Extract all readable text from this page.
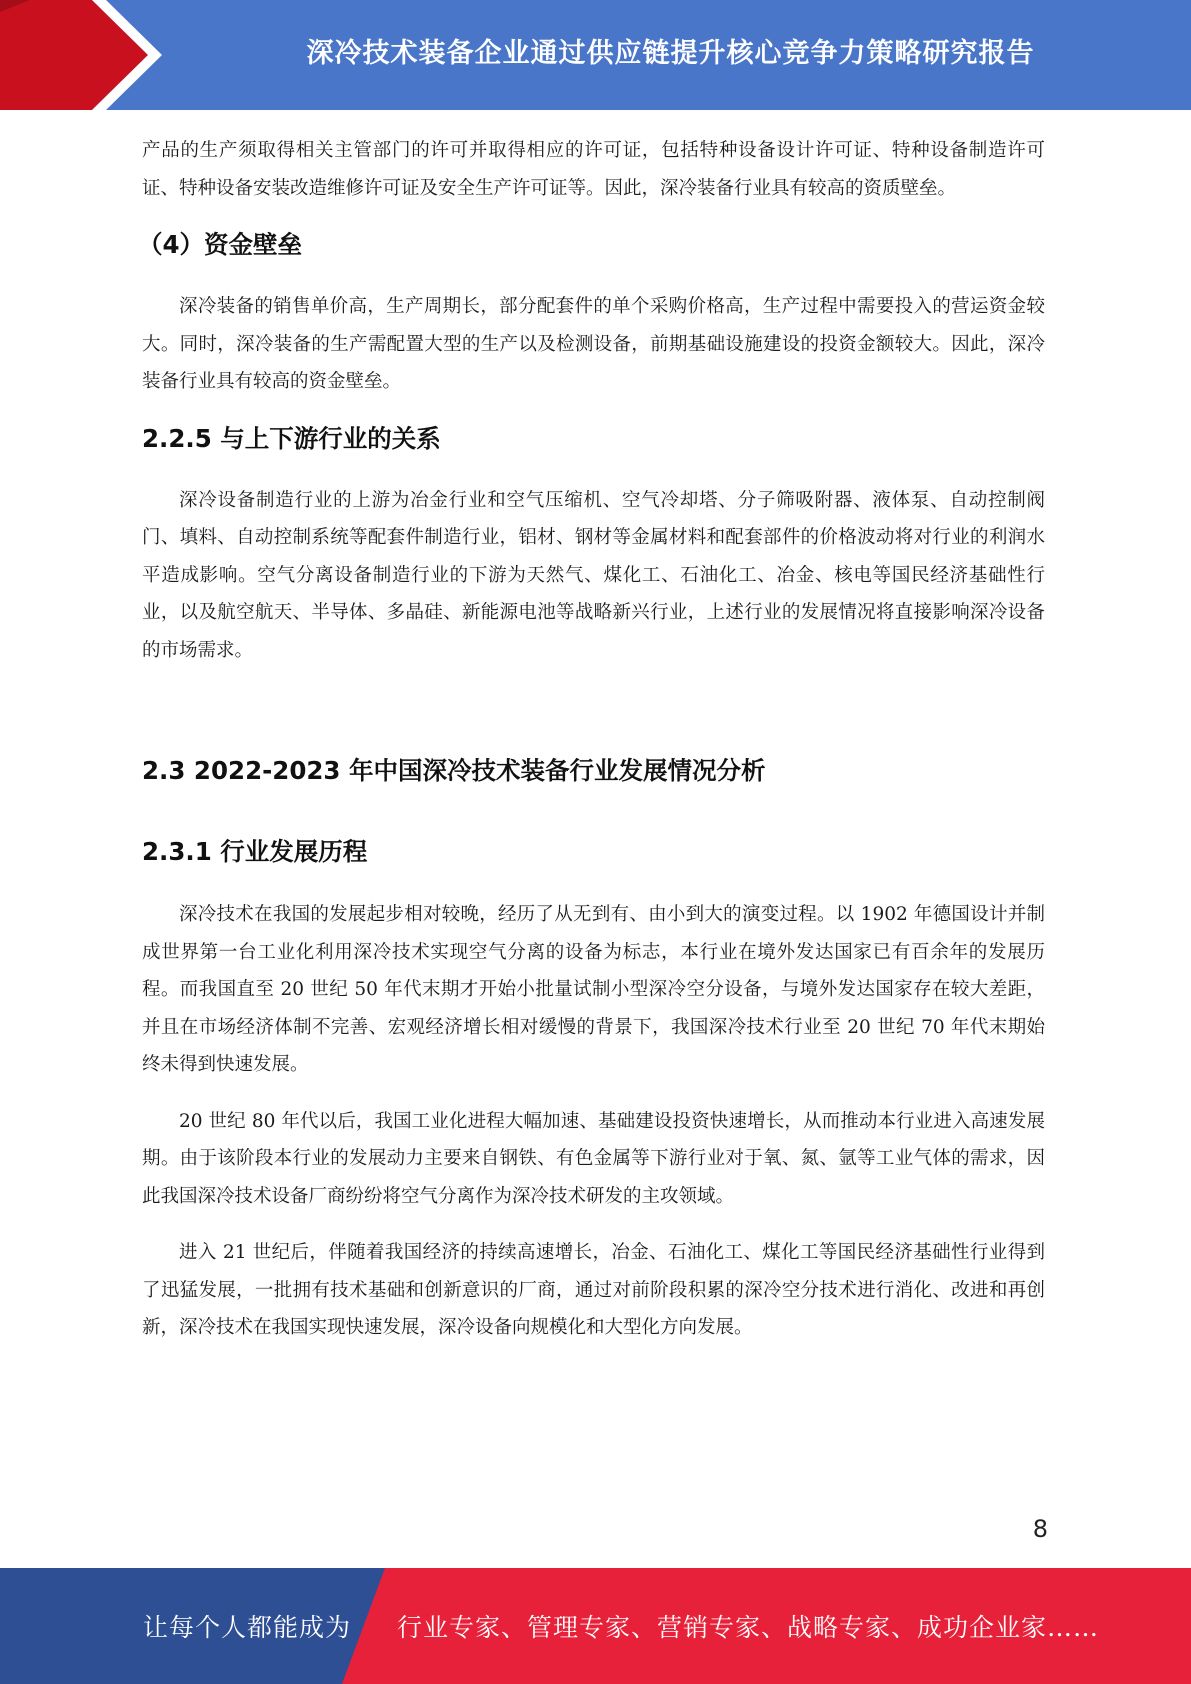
深冷技术装备企业通过供应链提升核心竞争力策略研究报告

产品的生产须取得相关主管部门的许可并取得相应的许可证，包括特种设备设计许可证、特种设备制造许可证、特种设备安装改造维修许可证及安全生产许可证等。因此，深冷装备行业具有较高的资质壁垒。

（4）资金壁垒

深冷装备的销售单价高，生产周期长，部分配套件的单个采购价格高，生产过程中需要投入的营运资金较大。同时，深冷装备的生产需配置大型的生产以及检测设备，前期基础设施建设的投资金额较大。因此，深冷装备行业具有较高的资金壁垒。

2.2.5 与上下游行业的关系

深冷设备制造行业的上游为冶金行业和空气压缩机、空气冷却塔、分子筛吸附器、液体泵、自动控制阀门、填料、自动控制系统等配套件制造行业，铝材、钢材等金属材料和配套部件的价格波动将对行业的利润水平造成影响。空气分离设备制造行业的下游为天然气、煤化工、石油化工、冶金、核电等国民经济基础性行业，以及航空航天、半导体、多晶硅、新能源电池等战略新兴行业，上述行业的发展情况将直接影响深冷设备的市场需求。

2.3 2022-2023 年中国深冷技术装备行业发展情况分析
2.3.1 行业发展历程

深冷技术在我国的发展起步相对较晚，经历了从无到有、由小到大的演变过程。以 1902 年德国设计并制成世界第一台工业化利用深冷技术实现空气分离的设备为标志，本行业在境外发达国家已有百余年的发展历程。而我国直至 20 世纪 50 年代末期才开始小批量试制小型深冷空分设备，与境外发达国家存在较大差距，并且在市场经济体制不完善、宏观经济增长相对缓慢的背景下，我国深冷技术行业至 20 世纪 70 年代末期始终未得到快速发展。

20 世纪 80 年代以后，我国工业化进程大幅加速、基础建设投资快速增长，从而推动本行业进入高速发展期。由于该阶段本行业的发展动力主要来自钢铁、有色金属等下游行业对于氧、氮、氩等工业气体的需求，因此我国深冷技术设备厂商纷纷将空气分离作为深冷技术研发的主攻领域。

进入 21 世纪后，伴随着我国经济的持续高速增长，冶金、石油化工、煤化工等国民经济基础性行业得到了迅猛发展，一批拥有技术基础和创新意识的厂商，通过对前阶段积累的深冷空分技术进行消化、改进和再创新，深冷技术在我国实现快速发展，深冷设备向规模化和大型化方向发展。

8
让每个人都能成为 行业专家、管理专家、营销专家、战略专家、成功企业家……
